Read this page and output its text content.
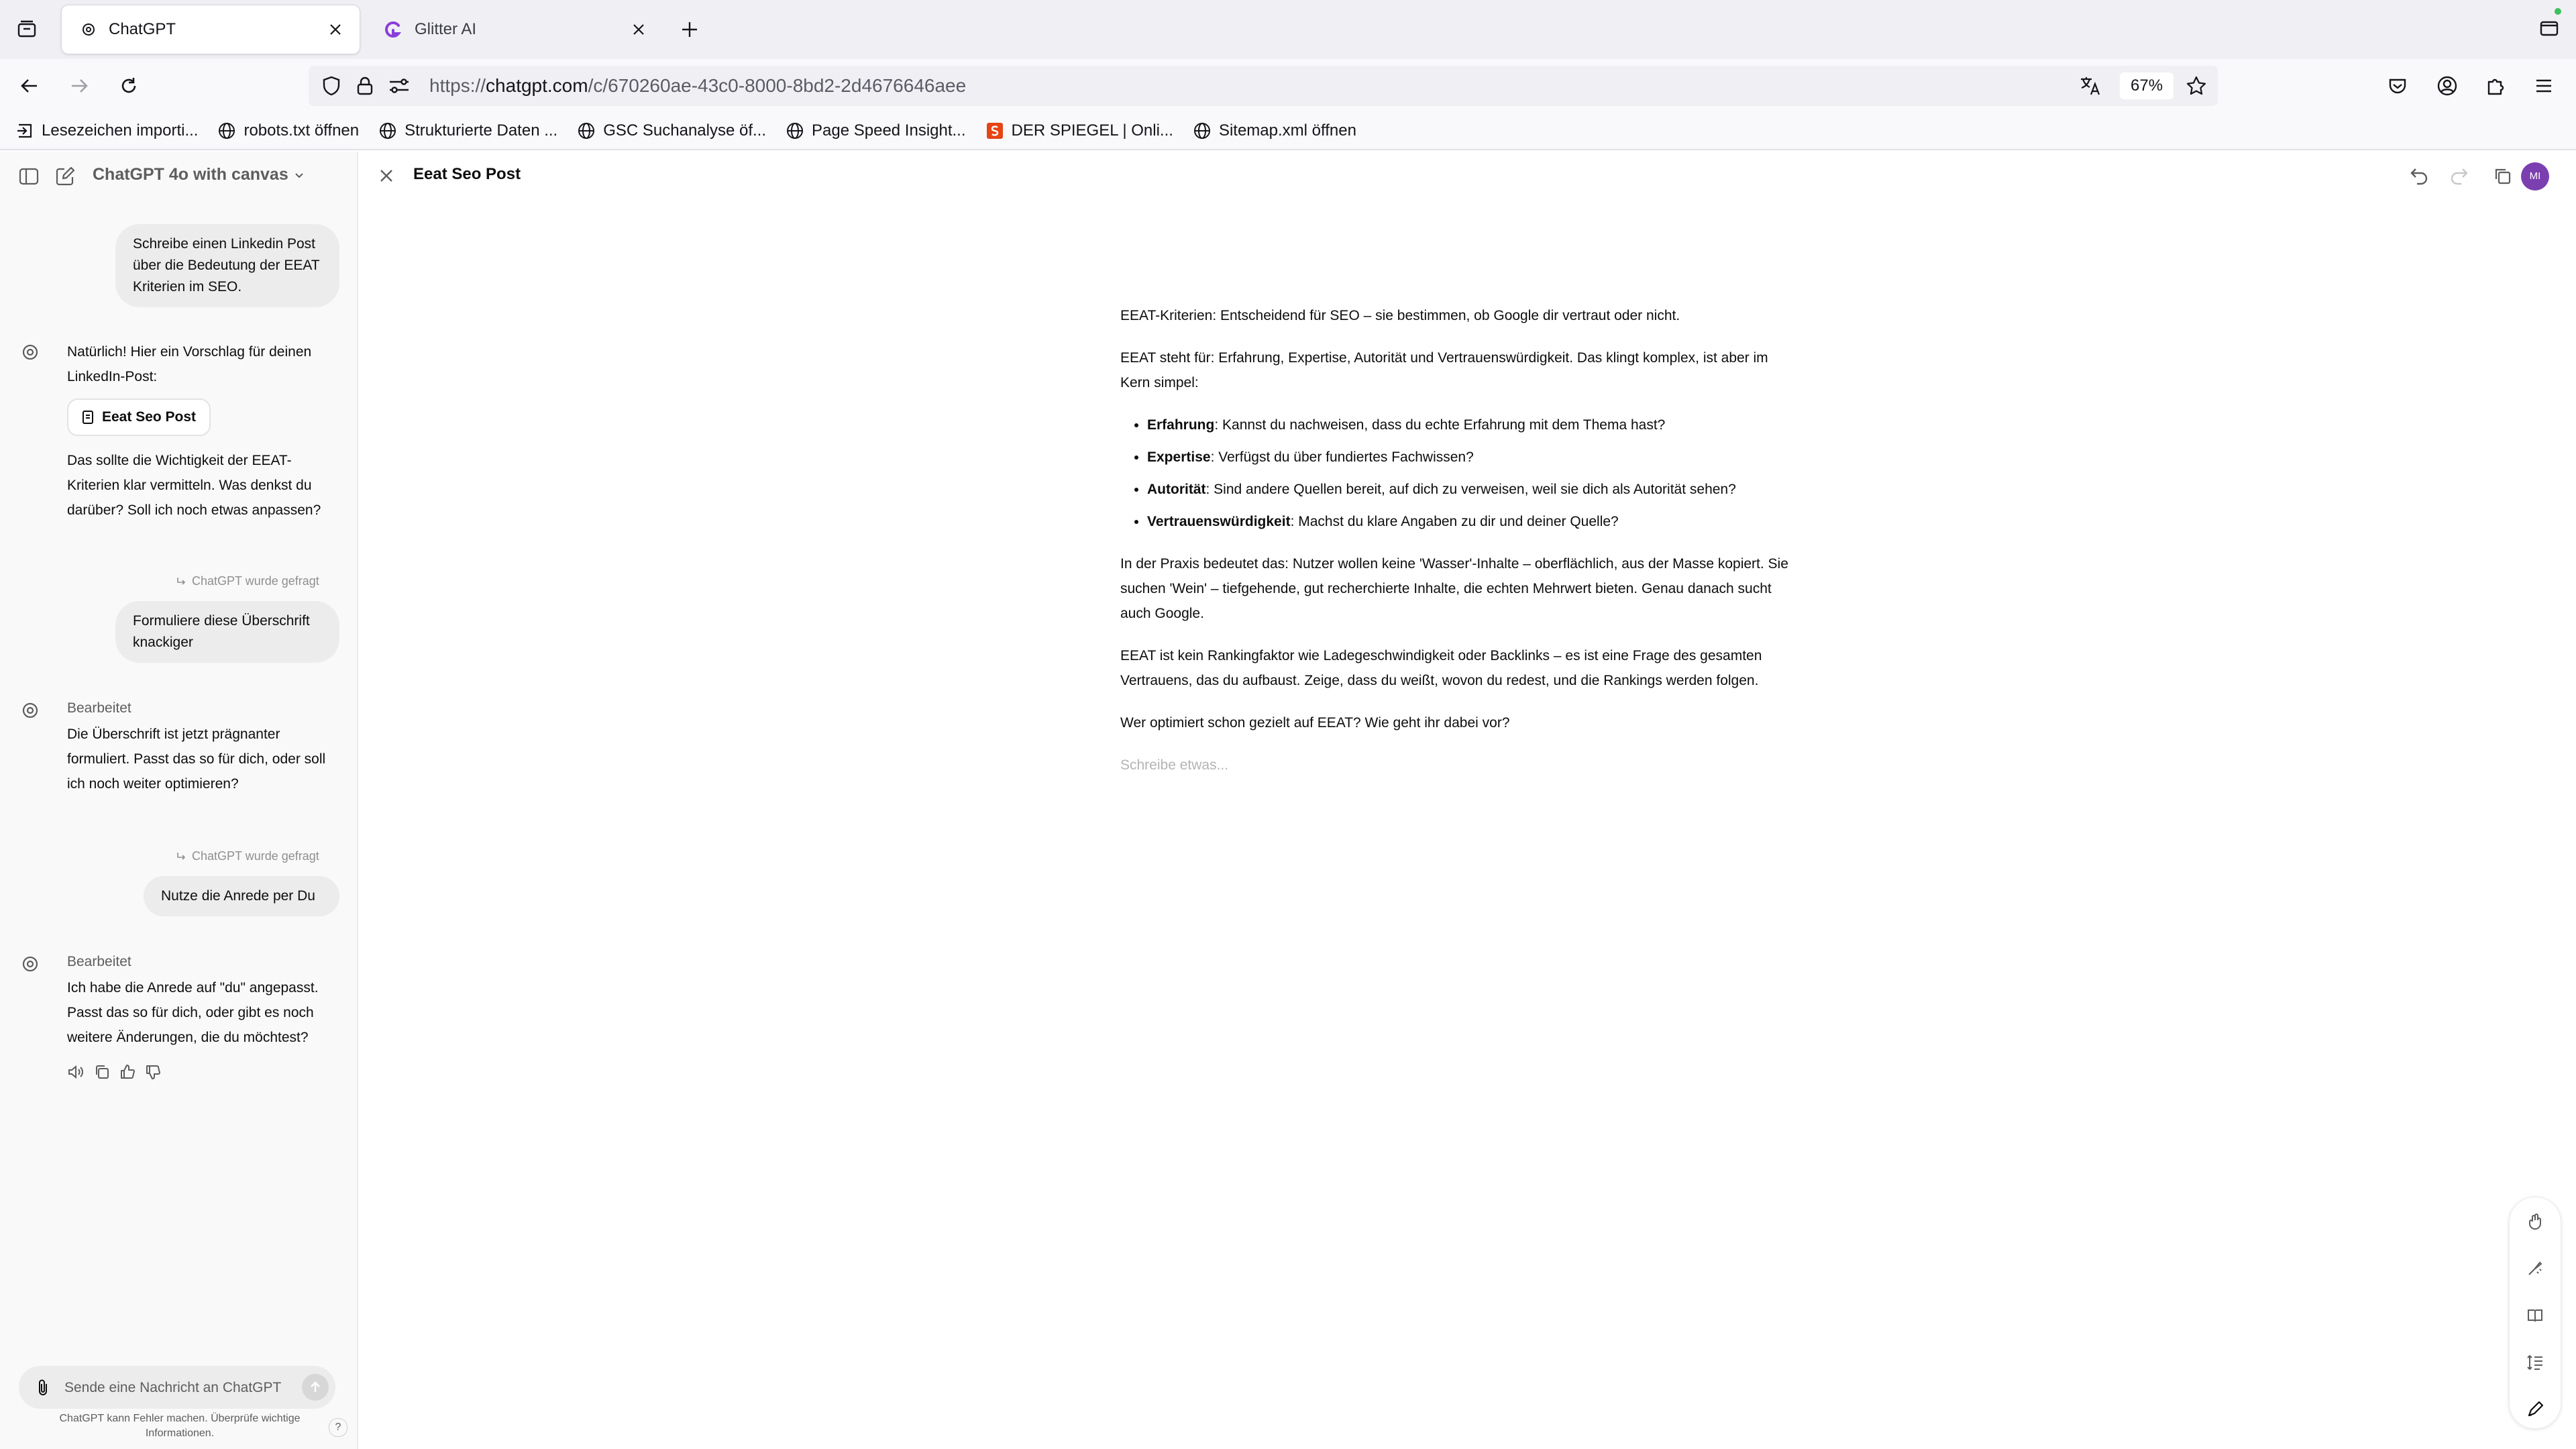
ChatGPT	Glitter AI
https://chatgpt.com/c/670260ae-43c0-8000-8bd2-2d4676646aee	67%
Lesezeichen importi...	robots.txt öffnen	Strukturierte Daten ...	GSC Suchanalyse öf...	Page Speed Insight...	DER SPIEGEL | Onli...	Sitemap.xml öffnen
ChatGPT 4o with canvas
Schreibe einen Linkedin Post über die Bedeutung der EEAT Kriterien im SEO.
Natürlich! Hier ein Vorschlag für deinen LinkedIn-Post:
Eeat Seo Post
Das sollte die Wichtigkeit der EEAT-Kriterien klar vermitteln. Was denkst du darüber? Soll ich noch etwas anpassen?
ChatGPT wurde gefragt
Formuliere diese Überschrift knackiger
Bearbeitet
Die Überschrift ist jetzt prägnanter formuliert. Passt das so für dich, oder soll ich noch weiter optimieren?
ChatGPT wurde gefragt
Nutze die Anrede per Du
Bearbeitet
Ich habe die Anrede auf "du" angepasst. Passt das so für dich, oder gibt es noch weitere Änderungen, die du möchtest?
Sende eine Nachricht an ChatGPT
ChatGPT kann Fehler machen. Überprüfe wichtige Informationen.
?
Eeat Seo Post	MI

EEAT-Kriterien: Entscheidend für SEO – sie bestimmen, ob Google dir vertraut oder nicht.

EEAT steht für: Erfahrung, Expertise, Autorität und Vertrauenswürdigkeit. Das klingt komplex, ist aber im Kern simpel:

• Erfahrung: Kannst du nachweisen, dass du echte Erfahrung mit dem Thema hast?
• Expertise: Verfügst du über fundiertes Fachwissen?
• Autorität: Sind andere Quellen bereit, auf dich zu verweisen, weil sie dich als Autorität sehen?
• Vertrauenswürdigkeit: Machst du klare Angaben zu dir und deiner Quelle?

In der Praxis bedeutet das: Nutzer wollen keine 'Wasser'-Inhalte – oberflächlich, aus der Masse kopiert. Sie suchen 'Wein' – tiefgehende, gut recherchierte Inhalte, die echten Mehrwert bieten. Genau danach sucht auch Google.

EEAT ist kein Rankingfaktor wie Ladegeschwindigkeit oder Backlinks – es ist eine Frage des gesamten Vertrauens, das du aufbaust. Zeige, dass du weißt, wovon du redest, und die Rankings werden folgen.

Wer optimiert schon gezielt auf EEAT? Wie geht ihr dabei vor?

Schreibe etwas...
